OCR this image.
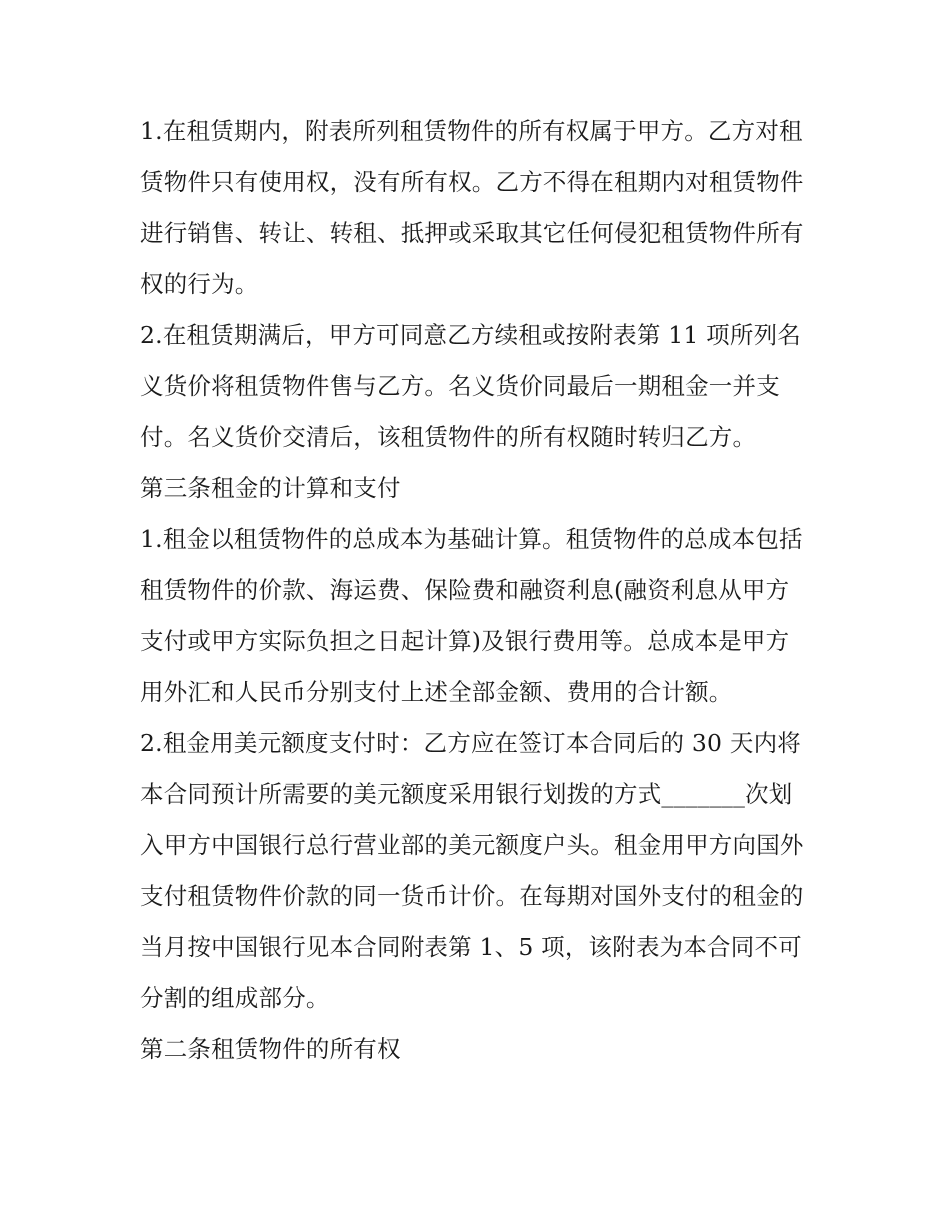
1.在租赁期内，附表所列租赁物件的所有权属于甲方。乙方对租赁物件只有使用权，没有所有权。乙方不得在租期内对租赁物件进行销售、转让、转租、抵押或采取其它任何侵犯租赁物件所有权的行为。

2.在租赁期满后，甲方可同意乙方续租或按附表第 11 项所列名义货价将租赁物件售与乙方。名义货价同最后一期租金一并支付。名义货价交清后，该租赁物件的所有权随时转归乙方。

第三条租金的计算和支付

1.租金以租赁物件的总成本为基础计算。租赁物件的总成本包括租赁物件的价款、海运费、保险费和融资利息(融资利息从甲方支付或甲方实际负担之日起计算)及银行费用等。总成本是甲方用外汇和人民币分别支付上述全部金额、费用的合计额。

2.租金用美元额度支付时：乙方应在签订本合同后的 30 天内将本合同预计所需要的美元额度采用银行划拨的方式_______次划入甲方中国银行总行营业部的美元额度户头。租金用甲方向国外支付租赁物件价款的同一货币计价。在每期对国外支付的租金的当月按中国银行见本合同附表第 1、5 项，该附表为本合同不可分割的组成部分。

第二条租赁物件的所有权
